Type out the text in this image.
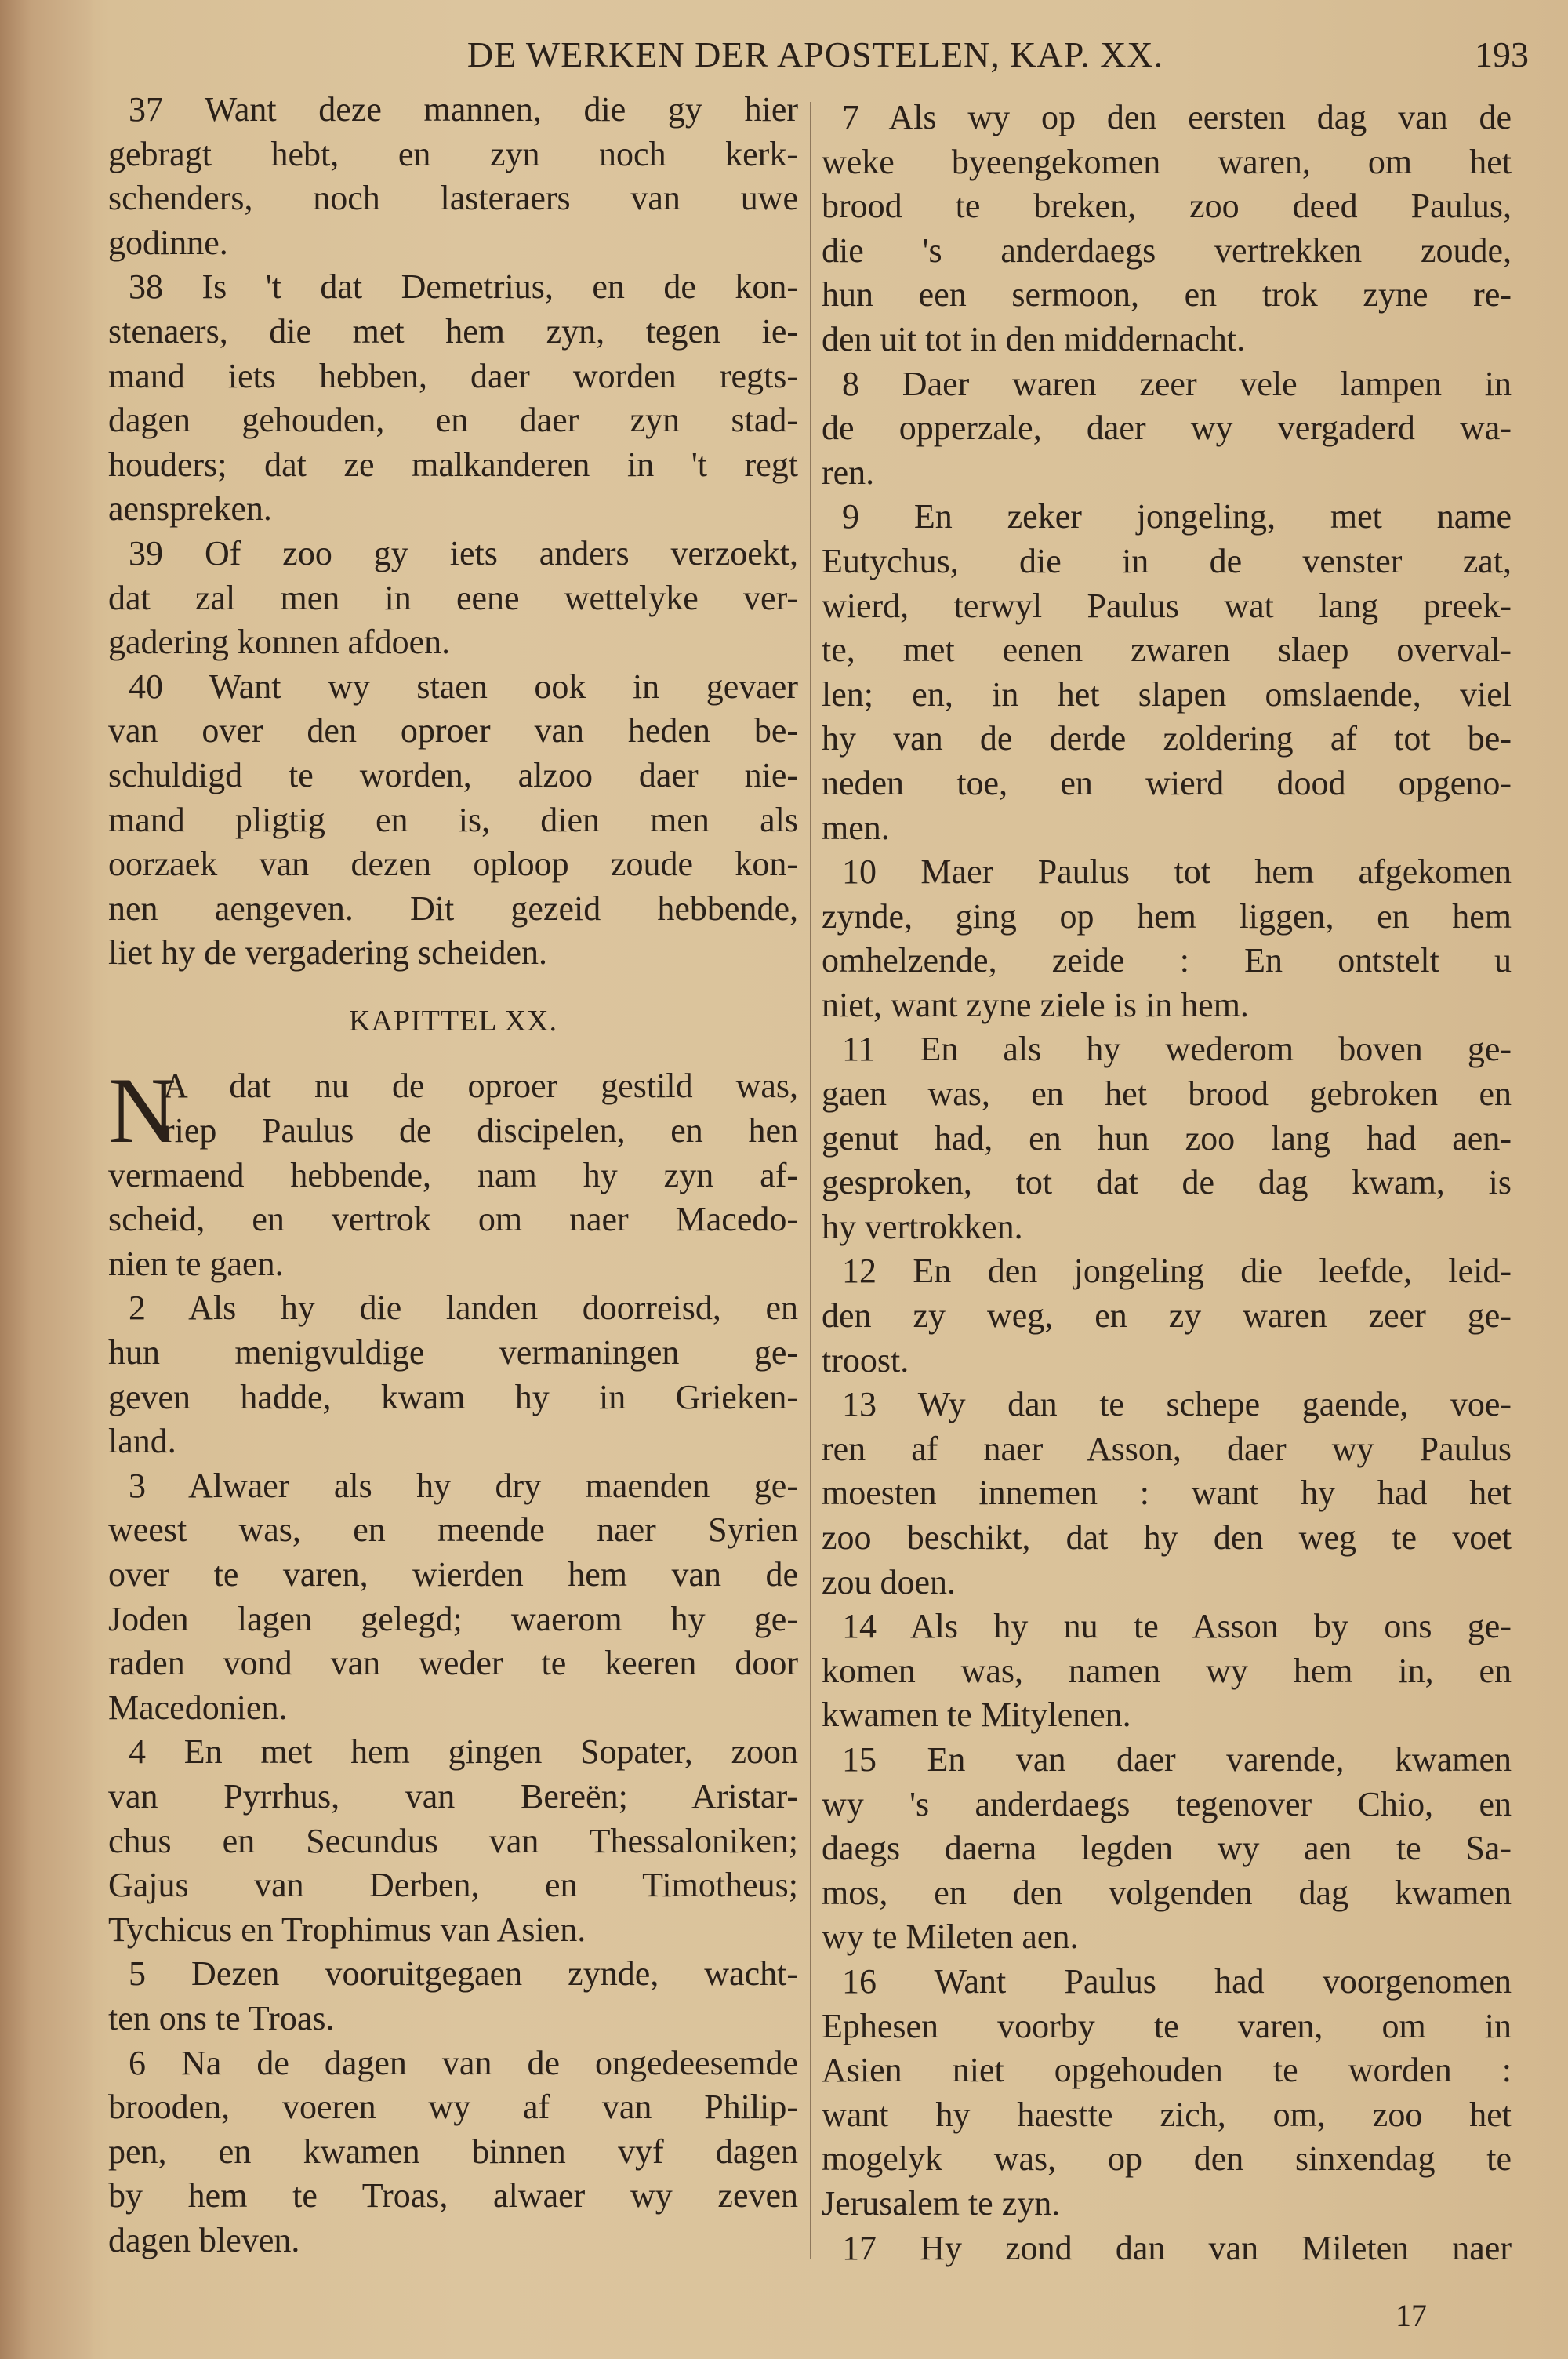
DE WERKEN DER APOSTELEN, KAP. XX.	193
37 Want deze mannen, die gy hier
gebragt hebt, en zyn noch kerk-
schenders, noch lasteraers van uwe
godinne.
38 Is 't dat Demetrius, en de kon-
stenaers, die met hem zyn, tegen ie-
mand iets hebben, daer worden regts-
dagen gehouden, en daer zyn stad-
houders; dat ze malkanderen in 't regt
aenspreken.
39 Of zoo gy iets anders verzoekt,
dat zal men in eene wettelyke ver-
gadering konnen afdoen.
40 Want wy staen ook in gevaer
van over den oproer van heden be-
schuldigd te worden, alzoo daer nie-
mand pligtig en is, dien men als
oorzaek van dezen oploop zoude kon-
nen aengeven. Dit gezeid hebbende,
liet hy de vergadering scheiden.
KAPITTEL XX.
N
A dat nu de oproer gestild was,
riep Paulus de discipelen, en hen
vermaend hebbende, nam hy zyn af-
scheid, en vertrok om naer Macedo-
nien te gaen.
2 Als hy die landen doorreisd, en
hun menigvuldige vermaningen ge-
geven hadde, kwam hy in Grieken-
land.
3 Alwaer als hy dry maenden ge-
weest was, en meende naer Syrien
over te varen, wierden hem van de
Joden lagen gelegd; waerom hy ge-
raden vond van weder te keeren door
Macedonien.
4 En met hem gingen Sopater, zoon
van Pyrrhus, van Bereën; Aristar-
chus en Secundus van Thessaloniken;
Gajus van Derben, en Timotheus;
Tychicus en Trophimus van Asien.
5 Dezen vooruitgegaen zynde, wacht-
ten ons te Troas.
6 Na de dagen van de ongedeesemde
brooden, voeren wy af van Philip-
pen, en kwamen binnen vyf dagen
by hem te Troas, alwaer wy zeven
dagen bleven.
7 Als wy op den eersten dag van de
weke byeengekomen waren, om het
brood te breken, zoo deed Paulus,
die 's anderdaegs vertrekken zoude,
hun een sermoon, en trok zyne re-
den uit tot in den middernacht.
8 Daer waren zeer vele lampen in
de opperzale, daer wy vergaderd wa-
ren.
9 En zeker jongeling, met name
Eutychus, die in de venster zat,
wierd, terwyl Paulus wat lang preek-
te, met eenen zwaren slaep overval-
len; en, in het slapen omslaende, viel
hy van de derde zoldering af tot be-
neden toe, en wierd dood opgeno-
men.
10 Maer Paulus tot hem afgekomen
zynde, ging op hem liggen, en hem
omhelzende, zeide : En ontstelt u
niet, want zyne ziele is in hem.
11 En als hy wederom boven ge-
gaen was, en het brood gebroken en
genut had, en hun zoo lang had aen-
gesproken, tot dat de dag kwam, is
hy vertrokken.
12 En den jongeling die leefde, leid-
den zy weg, en zy waren zeer ge-
troost.
13 Wy dan te schepe gaende, voe-
ren af naer Asson, daer wy Paulus
moesten innemen : want hy had het
zoo beschikt, dat hy den weg te voet
zou doen.
14 Als hy nu te Asson by ons ge-
komen was, namen wy hem in, en
kwamen te Mitylenen.
15 En van daer varende, kwamen
wy 's anderdaegs tegenover Chio, en
daegs daerna legden wy aen te Sa-
mos, en den volgenden dag kwamen
wy te Mileten aen.
16 Want Paulus had voorgenomen
Ephesen voorby te varen, om in
Asien niet opgehouden te worden :
want hy haestte zich, om, zoo het
mogelyk was, op den sinxendag te
Jerusalem te zyn.
17 Hy zond dan van Mileten naer
17
